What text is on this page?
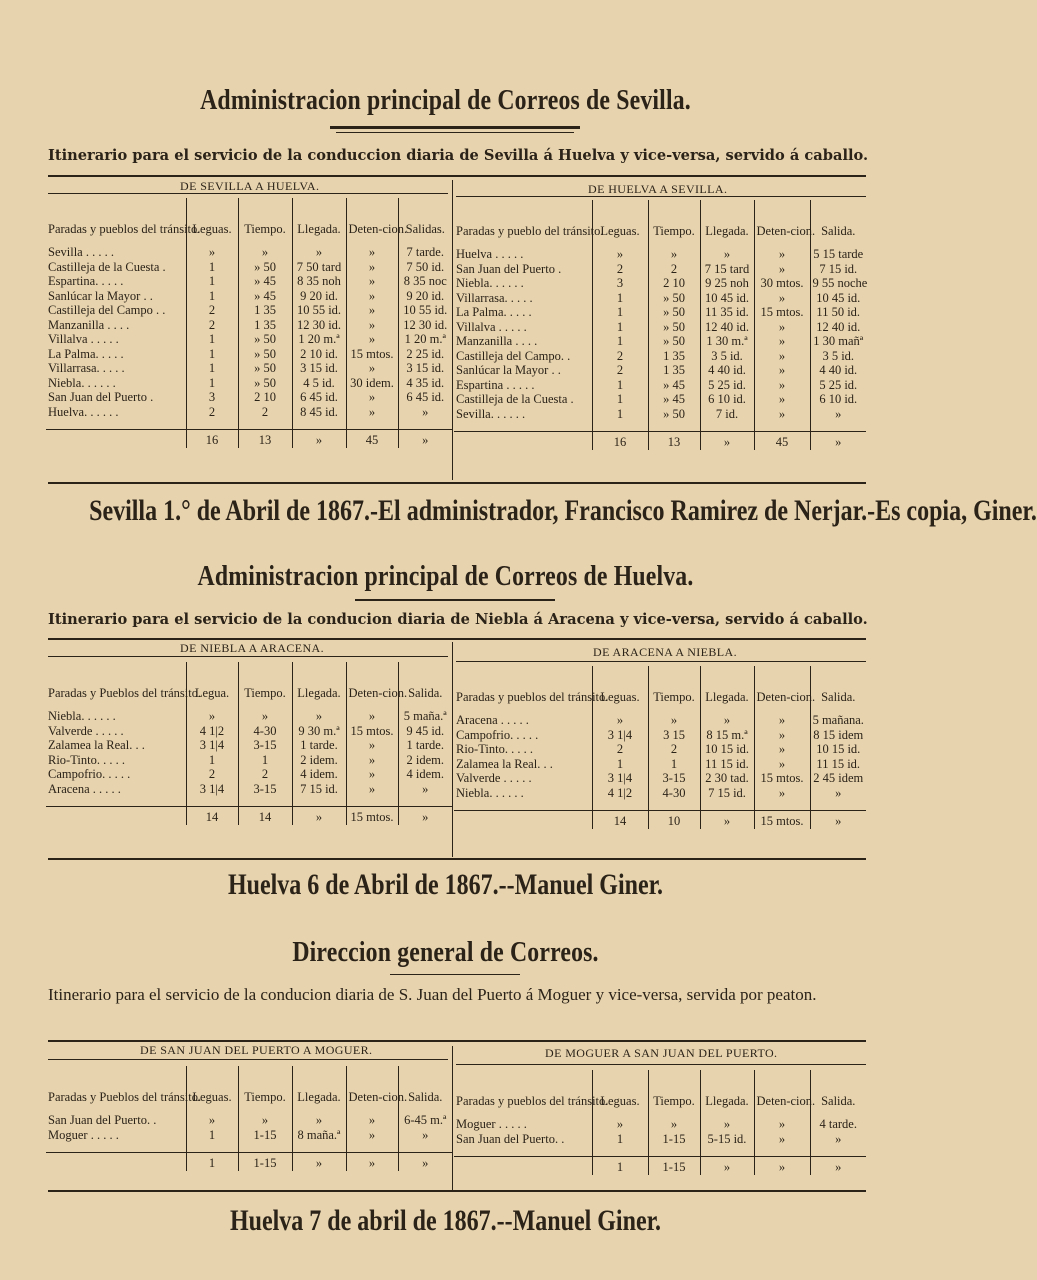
Administracion principal de Correos de Sevilla.
Itinerario para el servicio de la conduccion diaria de Sevilla á Huelva y vice-versa, servido á caballo.
DE SEVILLA A HUELVA.	DE HUELVA A SEVILLA.
Paradas y pueblos del tránsito.	Leguas.	Tiempo.	Llegada.	Deten-cion.	Salidas.
Sevilla . . . . .	»	»	»	»	7 tarde.
Castilleja de la Cuesta .	1	» 50	7 50 tard	»	7 50 id.
Espartina. . . . .	1	» 45	8 35 noh	»	8 35 noc
Sanlúcar la Mayor . .	1	» 45	9 20 id.	»	9 20 id.
Castilleja del Campo . .	2	1 35	10 55 id.	»	10 55 id.
Manzanilla . . . .	2	1 35	12 30 id.	»	12 30 id.
Villalva . . . . .	1	» 50	1 20 m.ª	»	1 20 m.ª
La Palma. . . . .	1	» 50	2 10 id.	15 mtos.	2 25 id.
Villarrasa. . . . .	1	» 50	3 15 id.	»	3 15 id.
Niebla. . . . . .	1	» 50	4 5 id.	30 idem.	4 35 id.
San Juan del Puerto .	3	2 10	6 45 id.	»	6 45 id.
Huelva. . . . . .	2	2	8 45 id.	»	»

	16	13	»	45	»
Paradas y pueblo del tránsito.	Leguas.	Tiempo.	Llegada.	Deten-cion.	Salida.
Huelva . . . . .	»	»	»	»	5 15 tarde
San Juan del Puerto .	2	2	7 15 tard	»	7 15 id.
Niebla. . . . . .	3	2 10	9 25 noh	30 mtos.	9 55 noche
Villarrasa. . . . .	1	» 50	10 45 id.	»	10 45 id.
La Palma. . . . .	1	» 50	11 35 id.	15 mtos.	11 50 id.
Villalva . . . . .	1	» 50	12 40 id.	»	12 40 id.
Manzanilla . . . .	1	» 50	1 30 m.ª	»	1 30 mañª
Castilleja del Campo. .	2	1 35	3 5 id.	»	3 5 id.
Sanlúcar la Mayor . .	2	1 35	4 40 id.	»	4 40 id.
Espartina . . . . .	1	» 45	5 25 id.	»	5 25 id.
Castilleja de la Cuesta .	1	» 45	6 10 id.	»	6 10 id.
Sevilla. . . . . .	1	» 50	7 id.	»	»

	16	13	»	45	»
Sevilla 1.° de Abril de 1867.-El administrador, Francisco Ramirez de Nerjar.-Es copia, Giner.
Administracion principal de Correos de Huelva.
Itinerario para el servicio de la conducion diaria de Niebla á Aracena y vice-versa, servido á caballo.
DE NIEBLA A ARACENA.	DE ARACENA A NIEBLA.
Paradas y Pueblos del tránsito.	Legua.	Tiempo.	Llegada.	Deten-cion.	Salida.
Niebla. . . . . .	»	»	»	»	5 maña.ª
Valverde . . . . .	4 1|2	4-30	9 30 m.ª	15 mtos.	9 45 id.
Zalamea la Real. . .	3 1|4	3-15	1 tarde.	»	1 tarde.
Rio-Tinto. . . . .	1	1	2 idem.	»	2 idem.
Campofrio. . . . .	2	2	4 idem.	»	4 idem.
Aracena . . . . .	3 1|4	3-15	7 15 id.	»	»

	14	14	»	15 mtos.	»
Paradas y pueblos del tránsito.	Leguas.	Tiempo.	Llegada.	Deten-cion.	Salida.
Aracena . . . . .	»	»	»	»	5 mañana.
Campofrio. . . . .	3 1|4	3 15	8 15 m.ª	»	8 15 idem
Rio-Tinto. . . . .	2	2	10 15 id.	»	10 15 id.
Zalamea la Real. . .	1	1	11 15 id.	»	11 15 id.
Valverde . . . . .	3 1|4	3-15	2 30 tad.	15 mtos.	2 45 idem
Niebla. . . . . .	4 1|2	4-30	7 15 id.	»	»

	14	10	»	15 mtos.	»
Huelva 6 de Abril de 1867.--Manuel Giner.
Direccion general de Correos.
Itinerario para el servicio de la conducion diaria de S. Juan del Puerto á Moguer y vice-versa, servida por peaton.
DE SAN JUAN DEL PUERTO A MOGUER.	DE MOGUER A SAN JUAN DEL PUERTO.
Paradas y Pueblos del tránsito.	Leguas.	Tiempo.	Llegada.	Deten-cion.	Salida.
San Juan del Puerto. .	»	»	»	»	6-45 m.ª
Moguer . . . . .	1	1-15	8 maña.ª	»	»

	1	1-15	»	»	»
Paradas y pueblos del tránsito.	Leguas.	Tiempo.	Llegada.	Deten-cion.	Salida.
Moguer . . . . .	»	»	»	»	4 tarde.
San Juan del Puerto. .	1	1-15	5-15 id.	»	»

	1	1-15	»	»	»
Huelva 7 de abril de 1867.--Manuel Giner.
